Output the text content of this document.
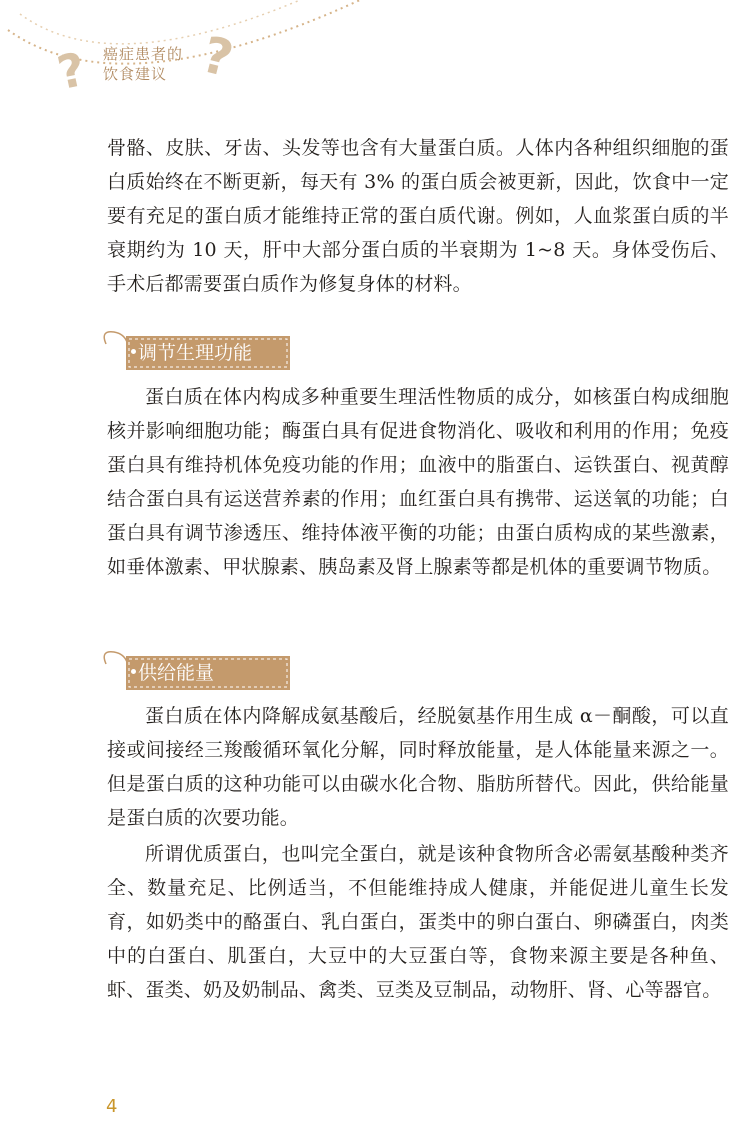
? ?
癌症患者的
饮食建议

骨骼、皮肤、牙齿、头发等也含有大量蛋白质。人体内各种组织细胞的蛋白质始终在不断更新，每天有 3% 的蛋白质会被更新，因此，饮食中一定要有充足的蛋白质才能维持正常的蛋白质代谢。例如，人血浆蛋白质的半衰期约为 10 天，肝中大部分蛋白质的半衰期为 1~8 天。身体受伤后、手术后都需要蛋白质作为修复身体的材料。

调节生理功能

蛋白质在体内构成多种重要生理活性物质的成分，如核蛋白构成细胞核并影响细胞功能；酶蛋白具有促进食物消化、吸收和利用的作用；免疫蛋白具有维持机体免疫功能的作用；血液中的脂蛋白、运铁蛋白、视黄醇结合蛋白具有运送营养素的作用；血红蛋白具有携带、运送氧的功能；白蛋白具有调节渗透压、维持体液平衡的功能；由蛋白质构成的某些激素，如垂体激素、甲状腺素、胰岛素及肾上腺素等都是机体的重要调节物质。

供给能量

蛋白质在体内降解成氨基酸后，经脱氨基作用生成 α－酮酸，可以直接或间接经三羧酸循环氧化分解，同时释放能量，是人体能量来源之一。但是蛋白质的这种功能可以由碳水化合物、脂肪所替代。因此，供给能量是蛋白质的次要功能。

所谓优质蛋白，也叫完全蛋白，就是该种食物所含必需氨基酸种类齐全、数量充足、比例适当，不但能维持成人健康，并能促进儿童生长发育，如奶类中的酪蛋白、乳白蛋白，蛋类中的卵白蛋白、卵磷蛋白，肉类中的白蛋白、肌蛋白，大豆中的大豆蛋白等，食物来源主要是各种鱼、虾、蛋类、奶及奶制品、禽类、豆类及豆制品，动物肝、肾、心等器官。

4
